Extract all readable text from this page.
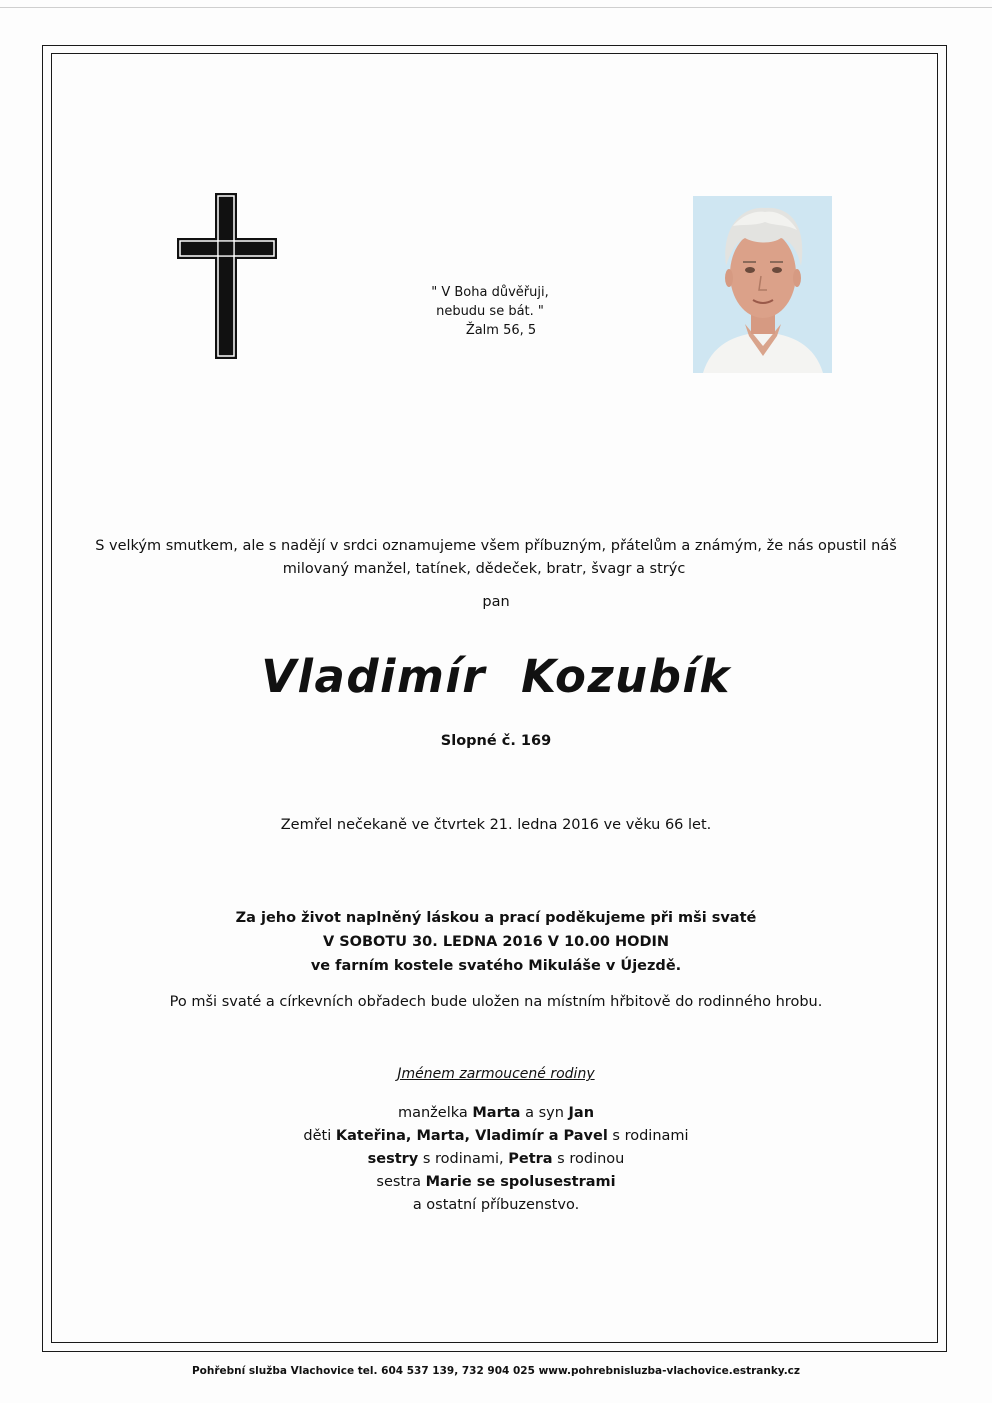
" V Boha důvěřuji,
nebudu se bát. "
Žalm 56, 5
S velkým smutkem, ale s nadějí v srdci oznamujeme všem příbuzným, přátelům a známým, že nás opustil náš
milovaný manžel, tatínek, dědeček, bratr, švagr a strýc
pan
Vladimír Kozubík
Slopné č. 169
Zemřel nečekaně ve čtvrtek 21. ledna 2016 ve věku 66 let.
Za jeho život naplněný láskou a prací poděkujeme při mši svaté
V SOBOTU 30. LEDNA 2016 V 10.00 HODIN
ve farním kostele svatého Mikuláše v Újezdě.
Po mši svaté a církevních obřadech bude uložen na místním hřbitově do rodinného hrobu.
Jménem zarmoucené rodiny
manželka Marta a syn Jan
děti Kateřina, Marta, Vladimír a Pavel s rodinami
sestry s rodinami, Petra s rodinou
sestra Marie se spolusestrami
a ostatní příbuzenstvo.
Pohřební služba Vlachovice tel. 604 537 139, 732 904 025 www.pohrebnisluzba-vlachovice.estranky.cz
